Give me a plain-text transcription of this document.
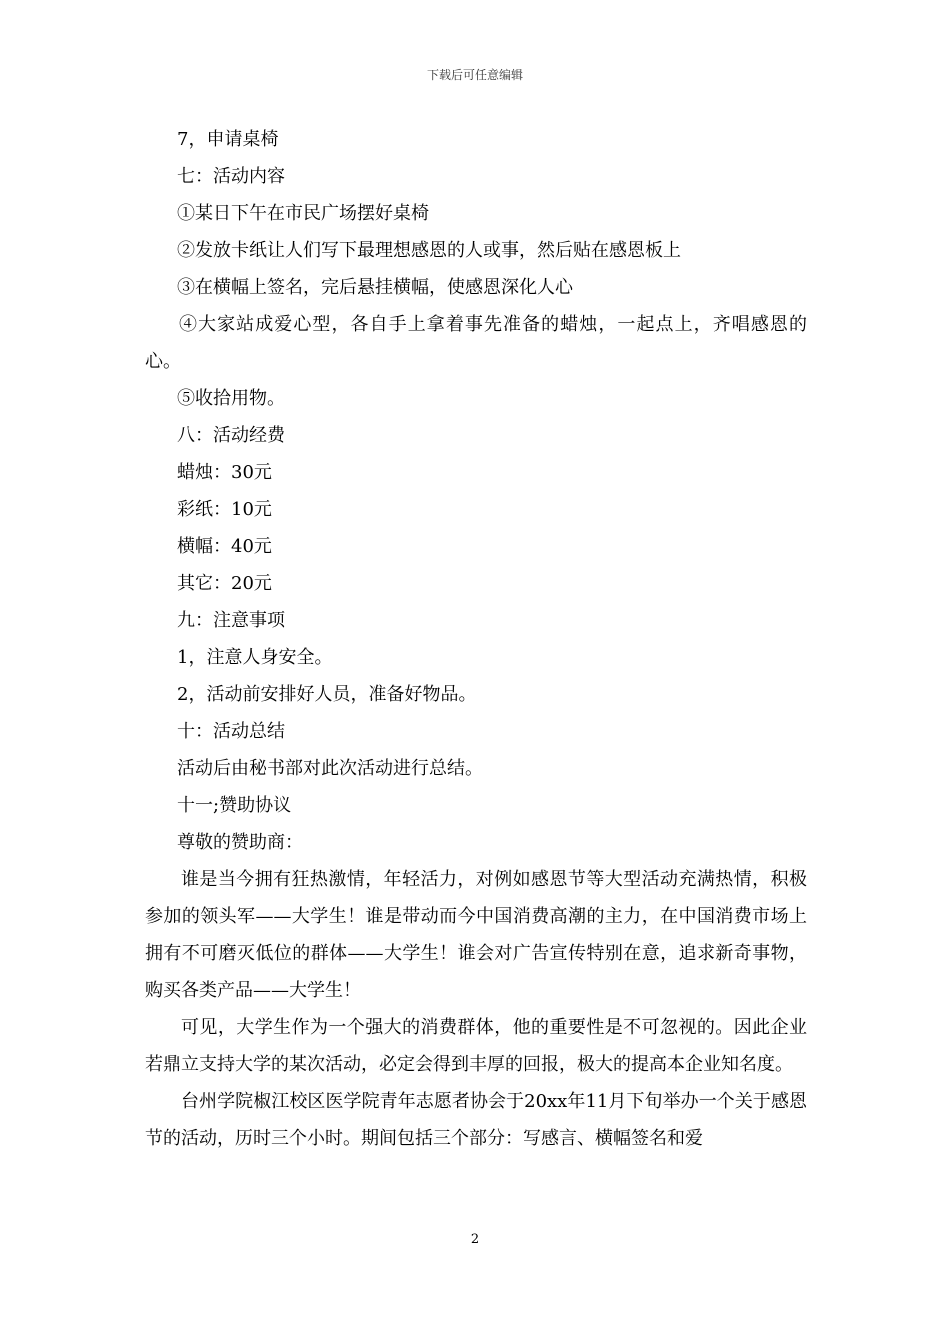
下载后可任意编辑

7，申请桌椅

七：活动内容

①某日下午在市民广场摆好桌椅

②发放卡纸让人们写下最理想感恩的人或事，然后贴在感恩板上

③在横幅上签名，完后悬挂横幅，使感恩深化人心

④大家站成爱心型，各自手上拿着事先准备的蜡烛，一起点上，齐唱感恩的心。

⑤收拾用物。

八：活动经费

蜡烛：30元

彩纸：10元

横幅：40元

其它：20元

九：注意事项

1，注意人身安全。

2，活动前安排好人员，准备好物品。

十：活动总结

活动后由秘书部对此次活动进行总结。

十一;赞助协议

尊敬的赞助商：

谁是当今拥有狂热激情，年轻活力，对例如感恩节等大型活动充满热情，积极参加的领头军——大学生！谁是带动而今中国消费高潮的主力，在中国消费市场上拥有不可磨灭低位的群体——大学生！谁会对广告宣传特别在意，追求新奇事物，购买各类产品——大学生！

可见，大学生作为一个强大的消费群体，他的重要性是不可忽视的。因此企业若鼎立支持大学的某次活动，必定会得到丰厚的回报，极大的提高本企业知名度。

台州学院椒江校区医学院青年志愿者协会于20xx年11月下旬举办一个关于感恩节的活动，历时三个小时。期间包括三个部分：写感言、横幅签名和爱

2
